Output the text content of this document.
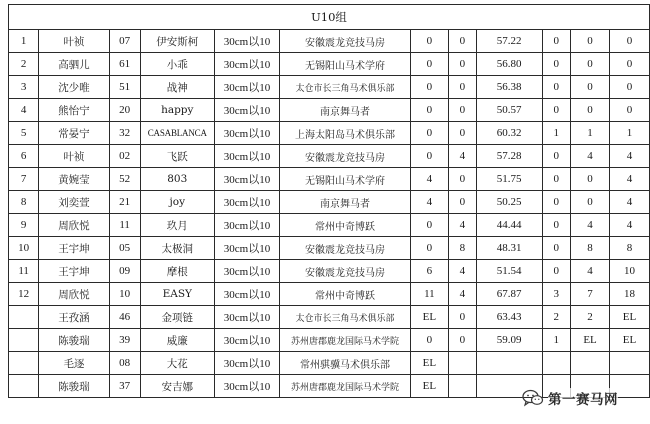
U10组											
1	叶祯	07	伊安斯柯	30cm以10	安徽震龙竞技马房	0	0	57.22	0	0	0
2	高驷儿	61	小乖	30cm以10	无锡阳山马术学府	0	0	56.80	0	0	0
3	沈少唯	51	战神	30cm以10	太仓市长三角马术俱乐部	0	0	56.38	0	0	0
4	熊怡宁	20	happy	30cm以10	南京舞马者	0	0	50.57	0	0	0
5	常晏宁	32	CASABLANCA	30cm以10	上海太阳岛马术俱乐部	0	0	60.32	1	1	1
6	叶祯	02	飞跃	30cm以10	安徽震龙竞技马房	0	4	57.28	0	4	4
7	黄婉莹	52	803	30cm以10	无锡阳山马术学府	4	0	51.75	0	0	4
8	刘奕萱	21	joy	30cm以10	南京舞马者	4	0	50.25	0	0	4
9	周欣悦	11	玖月	30cm以10	常州中奇博跃	0	4	44.44	0	4	4
10	王宇坤	05	太极洞	30cm以10	安徽震龙竞技马房	0	8	48.31	0	8	8
11	王宇坤	09	摩根	30cm以10	安徽震龙竞技马房	6	4	51.54	0	4	10
12	周欣悦	10	EASY	30cm以10	常州中奇博跃	11	4	67.87	3	7	18
	王孜涵	46	金项链	30cm以10	太仓市长三角马术俱乐部	EL	0	63.43	2	2	EL
	陈骏瑞	39	威廉	30cm以10	苏州唐郡鹿龙国际马术学院	0	0	59.09	1	EL	EL
	毛逐	08	大花	30cm以10	常州骐骥马术俱乐部	EL					
	陈骏瑞	37	安吉娜	30cm以10	苏州唐郡鹿龙国际马术学院	EL					
第一赛马网
